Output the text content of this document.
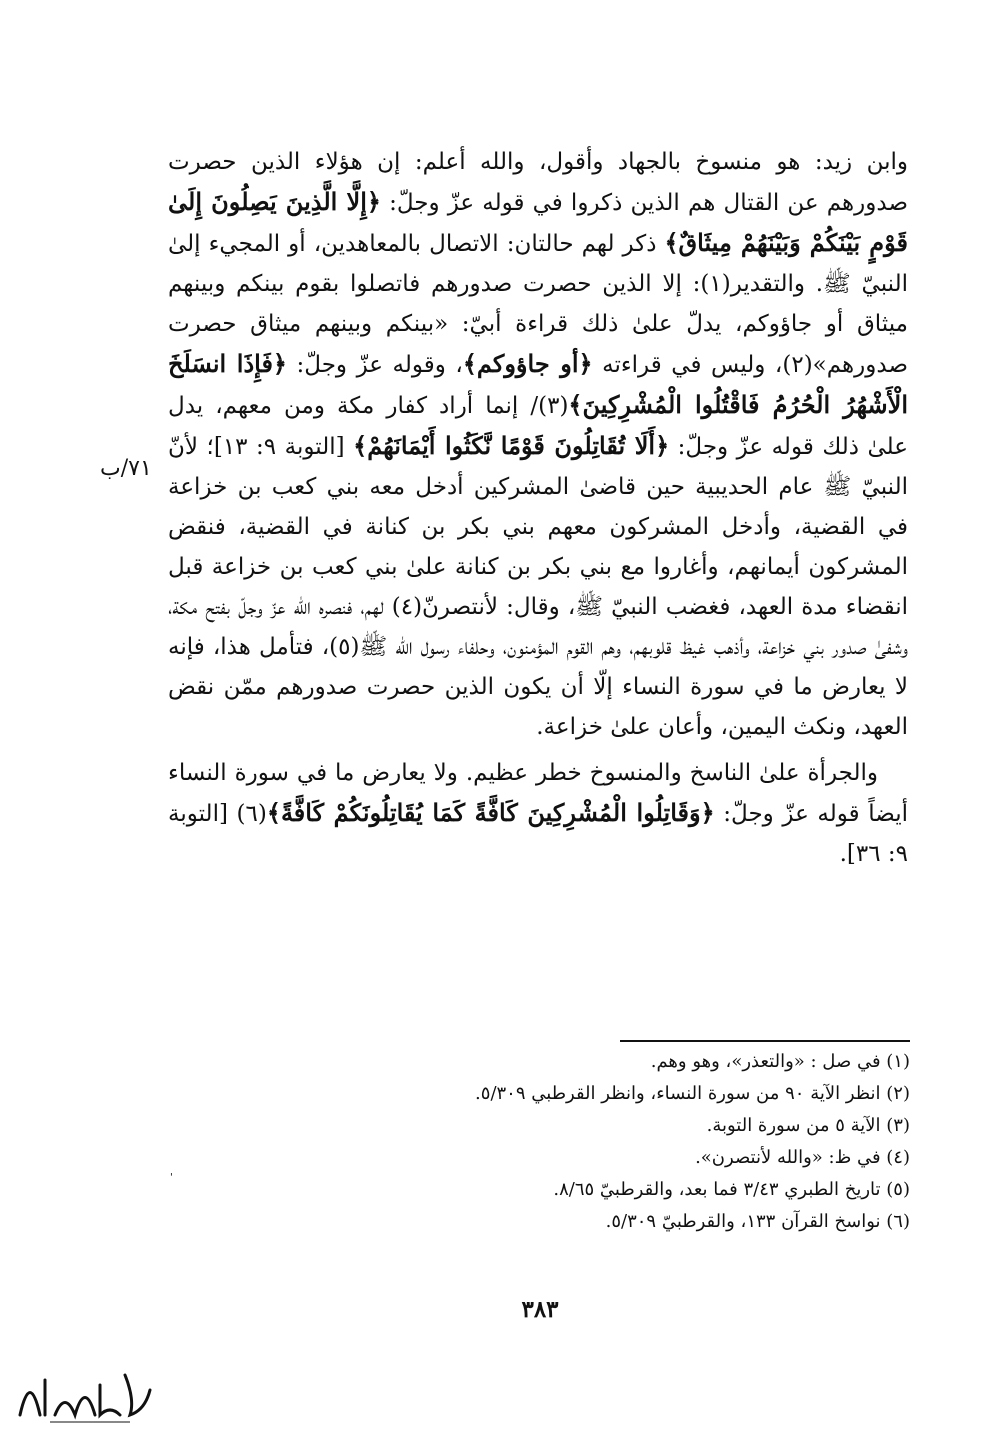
وابن زيد: هو منسوخ بالجهاد وأقول، والله أعلم: إن هؤلاء الذين حصرت صدورهم عن القتال هم الذين ذكروا في قوله عزّ وجلّ: ﴿إِلَّا الَّذِينَ يَصِلُونَ إِلَىٰ قَوْمٍ بَيْنَكُمْ وَبَيْنَهُمْ مِيثَاقٌ﴾ ذكر لهم حالتان: الاتصال بالمعاهدين، أو المجيء إلىٰ النبيّ ﷺ. والتقدير(١): إلا الذين حصرت صدورهم فاتصلوا بقوم بينكم وبينهم ميثاق أو جاؤوكم، يدلّ علىٰ ذلك قراءة أبيّ: «بينكم وبينهم ميثاق حصرت صدورهم»(٢)، وليس في قراءته ﴿أو جاؤوكم﴾، وقوله عزّ وجلّ: ﴿فَإِذَا انسَلَخَ الْأَشْهُرُ الْحُرُمُ فَاقْتُلُوا الْمُشْرِكِينَ﴾(٣)/ إنما أراد كفار مكة ومن معهم، يدل علىٰ ذلك قوله عزّ وجلّ: ﴿أَلَا تُقَاتِلُونَ قَوْمًا نَّكَثُوا أَيْمَانَهُمْ﴾ [التوبة ٩: ١٣]؛ لأنّ النبيّ ﷺ عام الحديبية حين قاضىٰ المشركين أدخل معه بني كعب بن خزاعة في القضية، وأدخل المشركون معهم بني بكر بن كنانة في القضية، فنقض المشركون أيمانهم، وأغاروا مع بني بكر بن كنانة علىٰ بني كعب بن خزاعة قبل انقضاء مدة العهد، فغضب النبيّ ﷺ، وقال: لأنتصرنّ(٤) لهم، فنصره الله عزّ وجلّ بفتح مكة، وشفىٰ صدور بني خزاعة، وأذهب غيظ قلوبهم، وهم القوم المؤمنون، وحلفاء رسول الله ﷺ(٥)، فتأمل هذا، فإنه لا يعارض ما في سورة النساء إلّا أن يكون الذين حصرت صدورهم ممّن نقض العهد، ونكث اليمين، وأعان علىٰ خزاعة.

والجرأة علىٰ الناسخ والمنسوخ خطر عظيم. ولا يعارض ما في سورة النساء أيضاً قوله عزّ وجلّ: ﴿وَقَاتِلُوا الْمُشْرِكِينَ كَافَّةً كَمَا يُقَاتِلُونَكُمْ كَافَّةً﴾(٦) [التوبة ٩: ٣٦].

٧١/ب
(١) في صل : «والتعذر»، وهو وهم.
(٢) انظر الآية ٩٠ من سورة النساء، وانظر القرطبي ٥/٣٠٩.
(٣) الآية ٥ من سورة التوبة.
(٤) في ظ: «والله لأنتصرن».
(٥) تاريخ الطبري ٣/٤٣ فما بعد، والقرطبيّ ٨/٦٥.
(٦) نواسخ القرآن ١٣٣، والقرطبيّ ٥/٣٠٩.
٣٨٣
'
